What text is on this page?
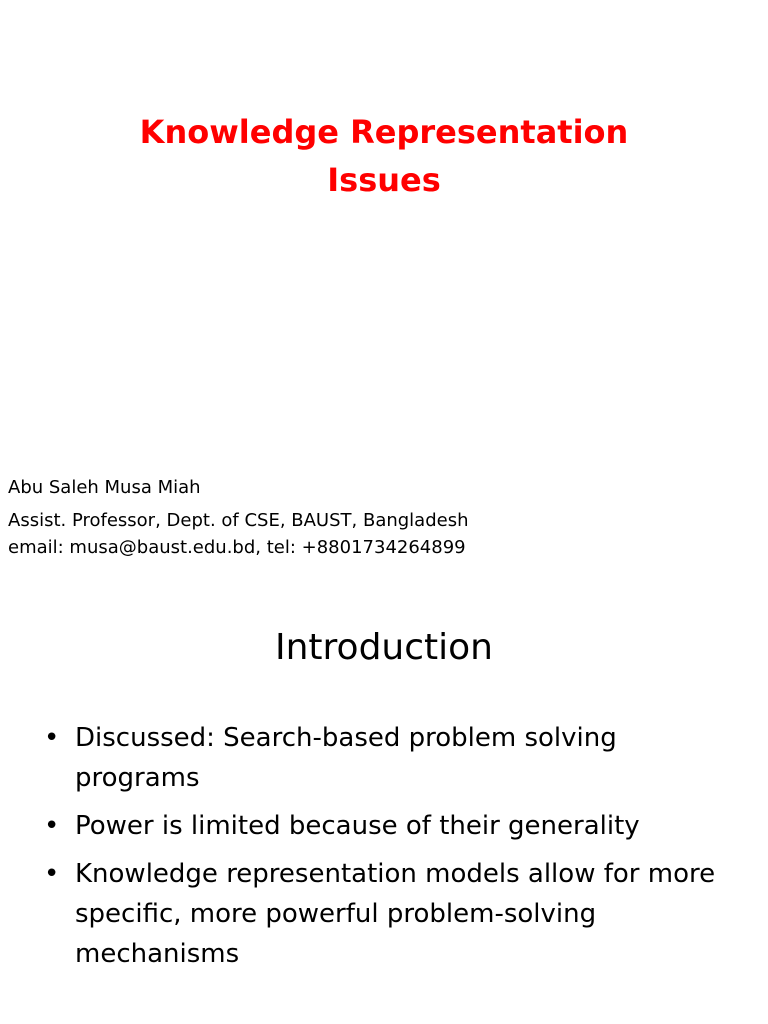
Knowledge Representation
Issues
Abu Saleh Musa Miah
Assist. Professor, Dept. of CSE, BAUST, Bangladesh
email: musa@baust.edu.bd, tel: +8801734264899
Introduction
• Discussed: Search-based problem solving programs
• Power is limited because of their generality
• Knowledge representation models allow for more specific, more powerful problem-solving mechanisms
